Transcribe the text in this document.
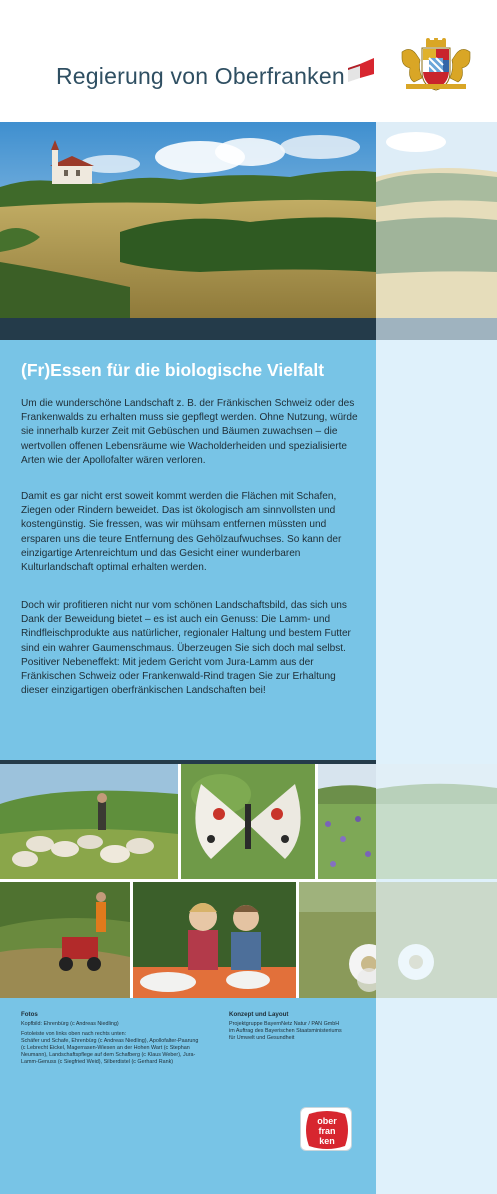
Regierung von Oberfranken
(Fr)Essen für die biologische Vielfalt

Um die wunderschöne Landschaft z. B. der Fränkischen Schweiz oder des Frankenwalds zu erhalten muss sie gepflegt werden. Ohne Nutzung, würde sie innerhalb kurzer Zeit mit Gebüschen und Bäumen zuwachsen – die wertvollen offenen Lebensräume wie Wacholderheiden und spezialisierte Arten wie der Apollofalter wären verloren.

Damit es gar nicht erst soweit kommt werden die Flächen mit Schafen, Ziegen oder Rindern beweidet. Das ist ökologisch am sinnvollsten und kostengünstig. Sie fressen, was wir mühsam entfernen müssten und ersparen uns die teure Entfernung des Gehölzaufwuchses. So kann der einzigartige Artenreichtum und das Gesicht einer wunderbaren Kulturlandschaft optimal erhalten werden.

Doch wir profitieren nicht nur vom schönen Landschaftsbild, das sich uns Dank der Beweidung bietet – es ist auch ein Genuss: Die Lamm- und Rindfleischprodukte aus natürlicher, regionaler Haltung und bestem Futter sind ein wahrer Gaumenschmaus. Überzeugen Sie sich doch mal selbst. Positiver Nebeneffekt: Mit jedem Gericht vom Jura-Lamm aus der Fränkischen Schweiz oder Frankenwald-Rind tragen Sie zur Erhaltung dieser einzigartigen oberfränkischen Landschaften bei!

Fotos
Kopfbild: Ehrenbürg (c Andreas Niedling)
Fotoleiste von links oben nach rechts unten:
Schäfer und Schafe, Ehrenbürg (c Andreas Niedling), Apollofalter-Paarung
(c Lebrecht Eickel, Magerrasen-Wiesen an der Hohen Wart (c Stephan
Neumann), Landschaftspflege auf dem Schafberg (c Klaus Weber), Jura-
Lamm-Genuss (c Siegfried Weid), Silberdistel (c Gerhard Rank)
Konzept und Layout
Projektgruppe BayernNetz Natur / PAN GmbH
im Auftrag des Bayerischen Staatsministeriums
für Umwelt und Gesundheit
ober
fran
ken
